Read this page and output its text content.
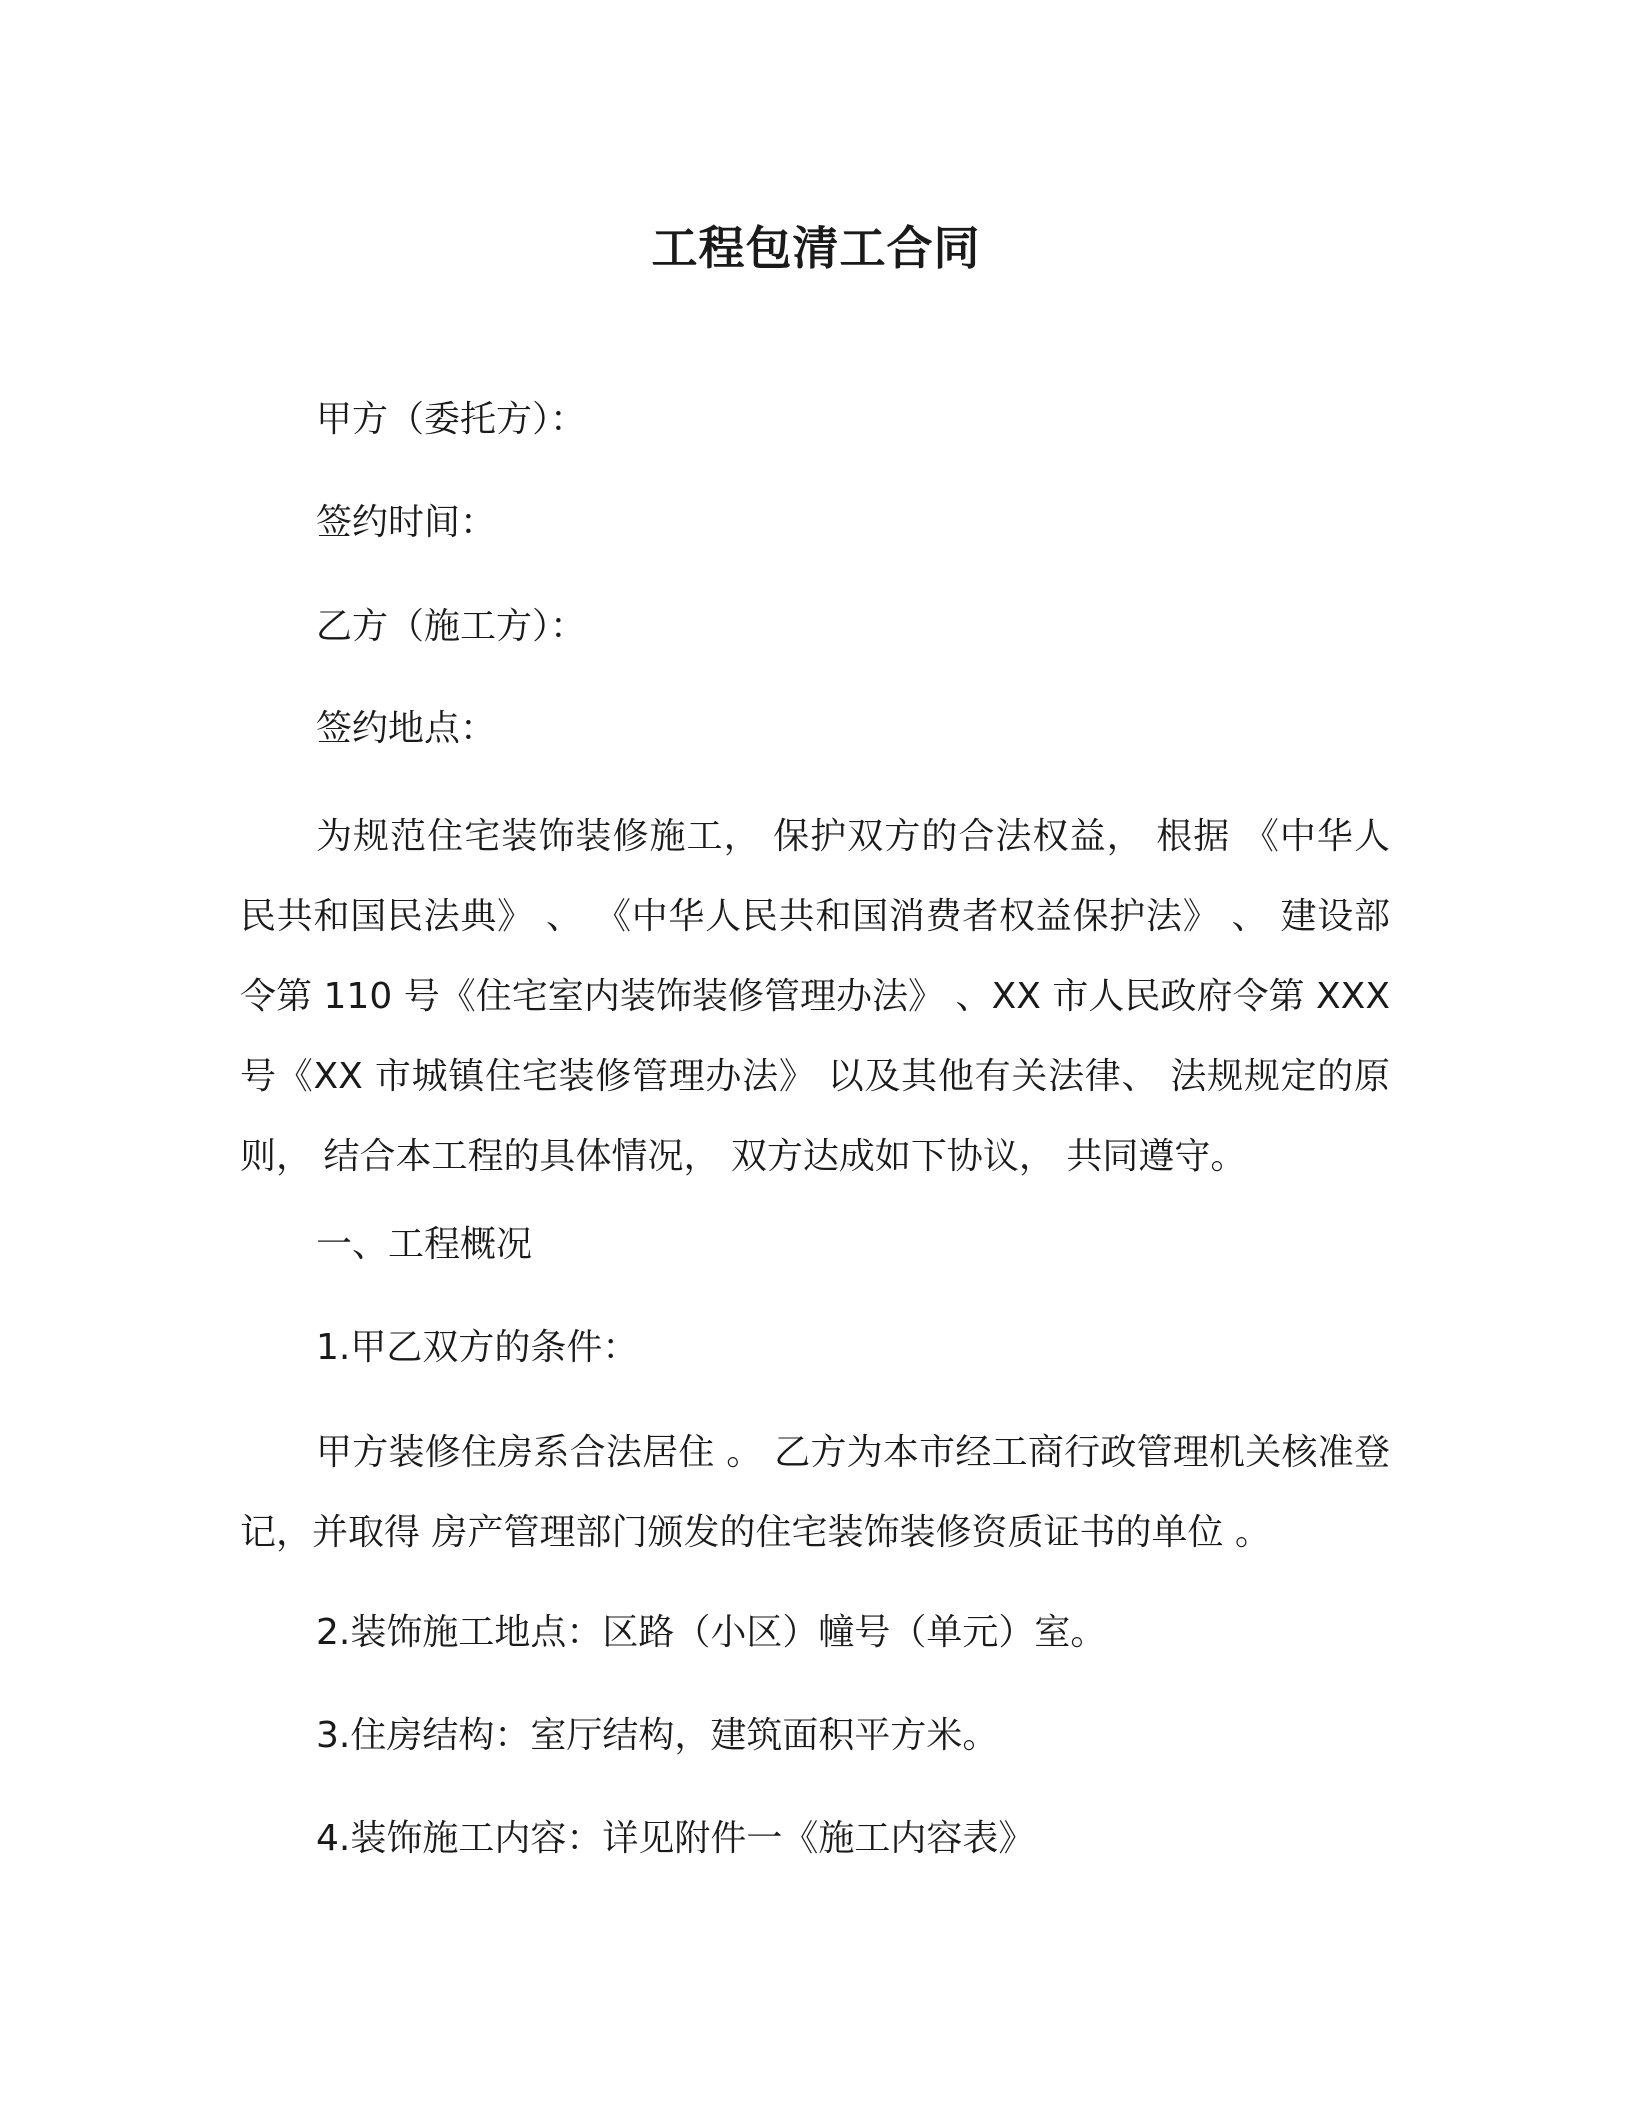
工程包清工合同
甲方（委托方）：
签约时间：
乙方（施工方）：
签约地点：
为规范住宅装饰装修施工， 保护双方的合法权益， 根据 《中华人民共和国民法典》 、 《中华人民共和国消费者权益保护法》 、 建设部令第 110 号《住宅室内装饰装修管理办法》 、XX 市人民政府令第 XXX 号《XX 市城镇住宅装修管理办法》 以及其他有关法律、 法规规定的原则， 结合本工程的具体情况， 双方达成如下协议， 共同遵守。
一、工程概况
1.甲乙双方的条件：
甲方装修住房系合法居住 。 乙方为本市经工商行政管理机关核准登记，并取得 房产管理部门颁发的住宅装饰装修资质证书的单位 。
2.装饰施工地点：区路（小区）幢号（单元）室。
3.住房结构：室厅结构，建筑面积平方米。
4.装饰施工内容：详见附件一《施工内容表》
